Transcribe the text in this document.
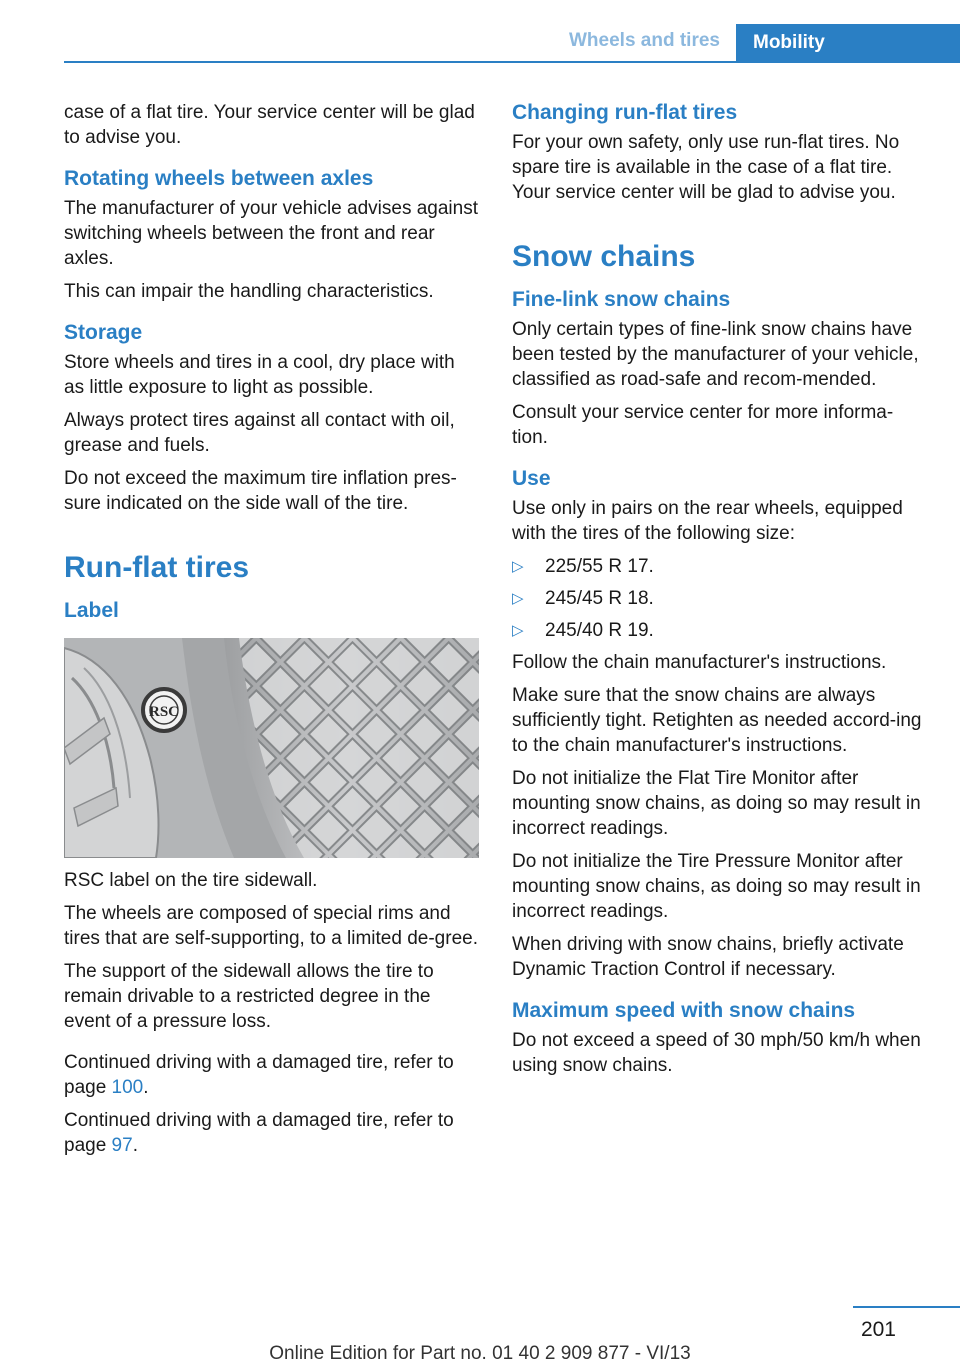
Wheels and tires Mobility

case of a flat tire. Your service center will be glad to advise you.

Rotating wheels between axles

The manufacturer of your vehicle advises against switching wheels between the front and rear axles.

This can impair the handling characteristics.

Storage

Store wheels and tires in a cool, dry place with as little exposure to light as possible.

Always protect tires against all contact with oil, grease and fuels.

Do not exceed the maximum tire inflation pres‐sure indicated on the side wall of the tire.

Run-flat tires
Label
RSC

RSC label on the tire sidewall.

The wheels are composed of special rims and tires that are self-supporting, to a limited de‐gree.

The support of the sidewall allows the tire to remain drivable to a restricted degree in the event of a pressure loss.

Continued driving with a damaged tire, refer to page 100.

Continued driving with a damaged tire, refer to page 97.

Changing run-flat tires

For your own safety, only use run-flat tires. No spare tire is available in the case of a flat tire. Your service center will be glad to advise you.

Snow chains
Fine-link snow chains

Only certain types of fine-link snow chains have been tested by the manufacturer of your vehicle, classified as road-safe and recom‐mended.

Consult your service center for more informa‐tion.

Use

Use only in pairs on the rear wheels, equipped with the tires of the following size:

▷	225/55 R 17.
▷	245/45 R 18.
▷	245/40 R 19.

Follow the chain manufacturer's instructions.

Make sure that the snow chains are always sufficiently tight. Retighten as needed accord‐ing to the chain manufacturer's instructions.

Do not initialize the Flat Tire Monitor after mounting snow chains, as doing so may result in incorrect readings.

Do not initialize the Tire Pressure Monitor after mounting snow chains, as doing so may result in incorrect readings.

When driving with snow chains, briefly activate Dynamic Traction Control if necessary.

Maximum speed with snow chains

Do not exceed a speed of 30 mph/50 km/h when using snow chains.

201
Online Edition for Part no. 01 40 2 909 877 - VI/13
